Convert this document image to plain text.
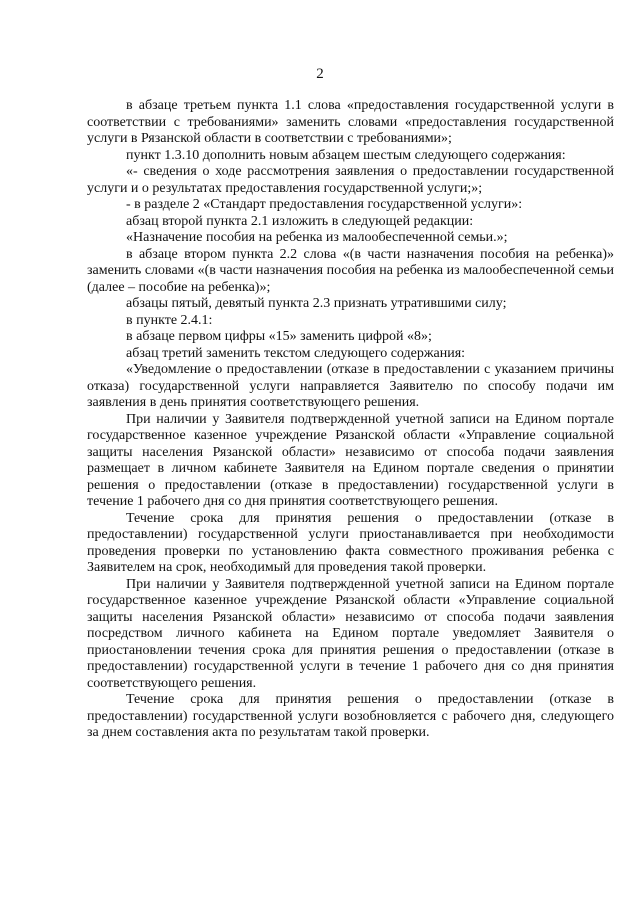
2

в абзаце третьем пункта 1.1 слова «предоставления государственной услуги в соответствии с требованиями» заменить словами «предоставления государственной услуги в Рязанской области в соответствии с требованиями»;

пункт 1.3.10 дополнить новым абзацем шестым следующего содержания:

«- сведения о ходе рассмотрения заявления о предоставлении государственной услуги и о результатах предоставления государственной услуги;»;

- в разделе 2 «Стандарт предоставления государственной услуги»:

абзац второй пункта 2.1 изложить в следующей редакции:

«Назначение пособия на ребенка из малообеспеченной семьи.»;

в абзаце втором пункта 2.2 слова «(в части назначения пособия на ребенка)» заменить словами «(в части назначения пособия на ребенка из малообеспеченной семьи (далее – пособие на ребенка)»;

абзацы пятый, девятый пункта 2.3 признать утратившими силу;

в пункте 2.4.1:

в абзаце первом цифры «15» заменить цифрой «8»;

абзац третий заменить текстом следующего содержания:

«Уведомление о предоставлении (отказе в предоставлении с указанием причины отказа) государственной услуги направляется Заявителю по способу подачи им заявления в день принятия соответствующего решения.

При наличии у Заявителя подтвержденной учетной записи на Едином портале государственное казенное учреждение Рязанской области «Управление социальной защиты населения Рязанской области» независимо от способа подачи заявления размещает в личном кабинете Заявителя на Едином портале сведения о принятии решения о предоставлении (отказе в предоставлении) государственной услуги в течение 1 рабочего дня со дня принятия соответствующего решения.

Течение срока для принятия решения о предоставлении (отказе в предоставлении) государственной услуги приостанавливается при необходимости проведения проверки по установлению факта совместного проживания ребенка с Заявителем на срок, необходимый для проведения такой проверки.

При наличии у Заявителя подтвержденной учетной записи на Едином портале государственное казенное учреждение Рязанской области «Управление социальной защиты населения Рязанской области» независимо от способа подачи заявления посредством личного кабинета на Едином портале уведомляет Заявителя о приостановлении течения срока для принятия решения о предоставлении (отказе в предоставлении) государственной услуги в течение 1 рабочего дня со дня принятия соответствующего решения.

Течение срока для принятия решения о предоставлении (отказе в предоставлении) государственной услуги возобновляется с рабочего дня, следующего за днем составления акта по результатам такой проверки.
